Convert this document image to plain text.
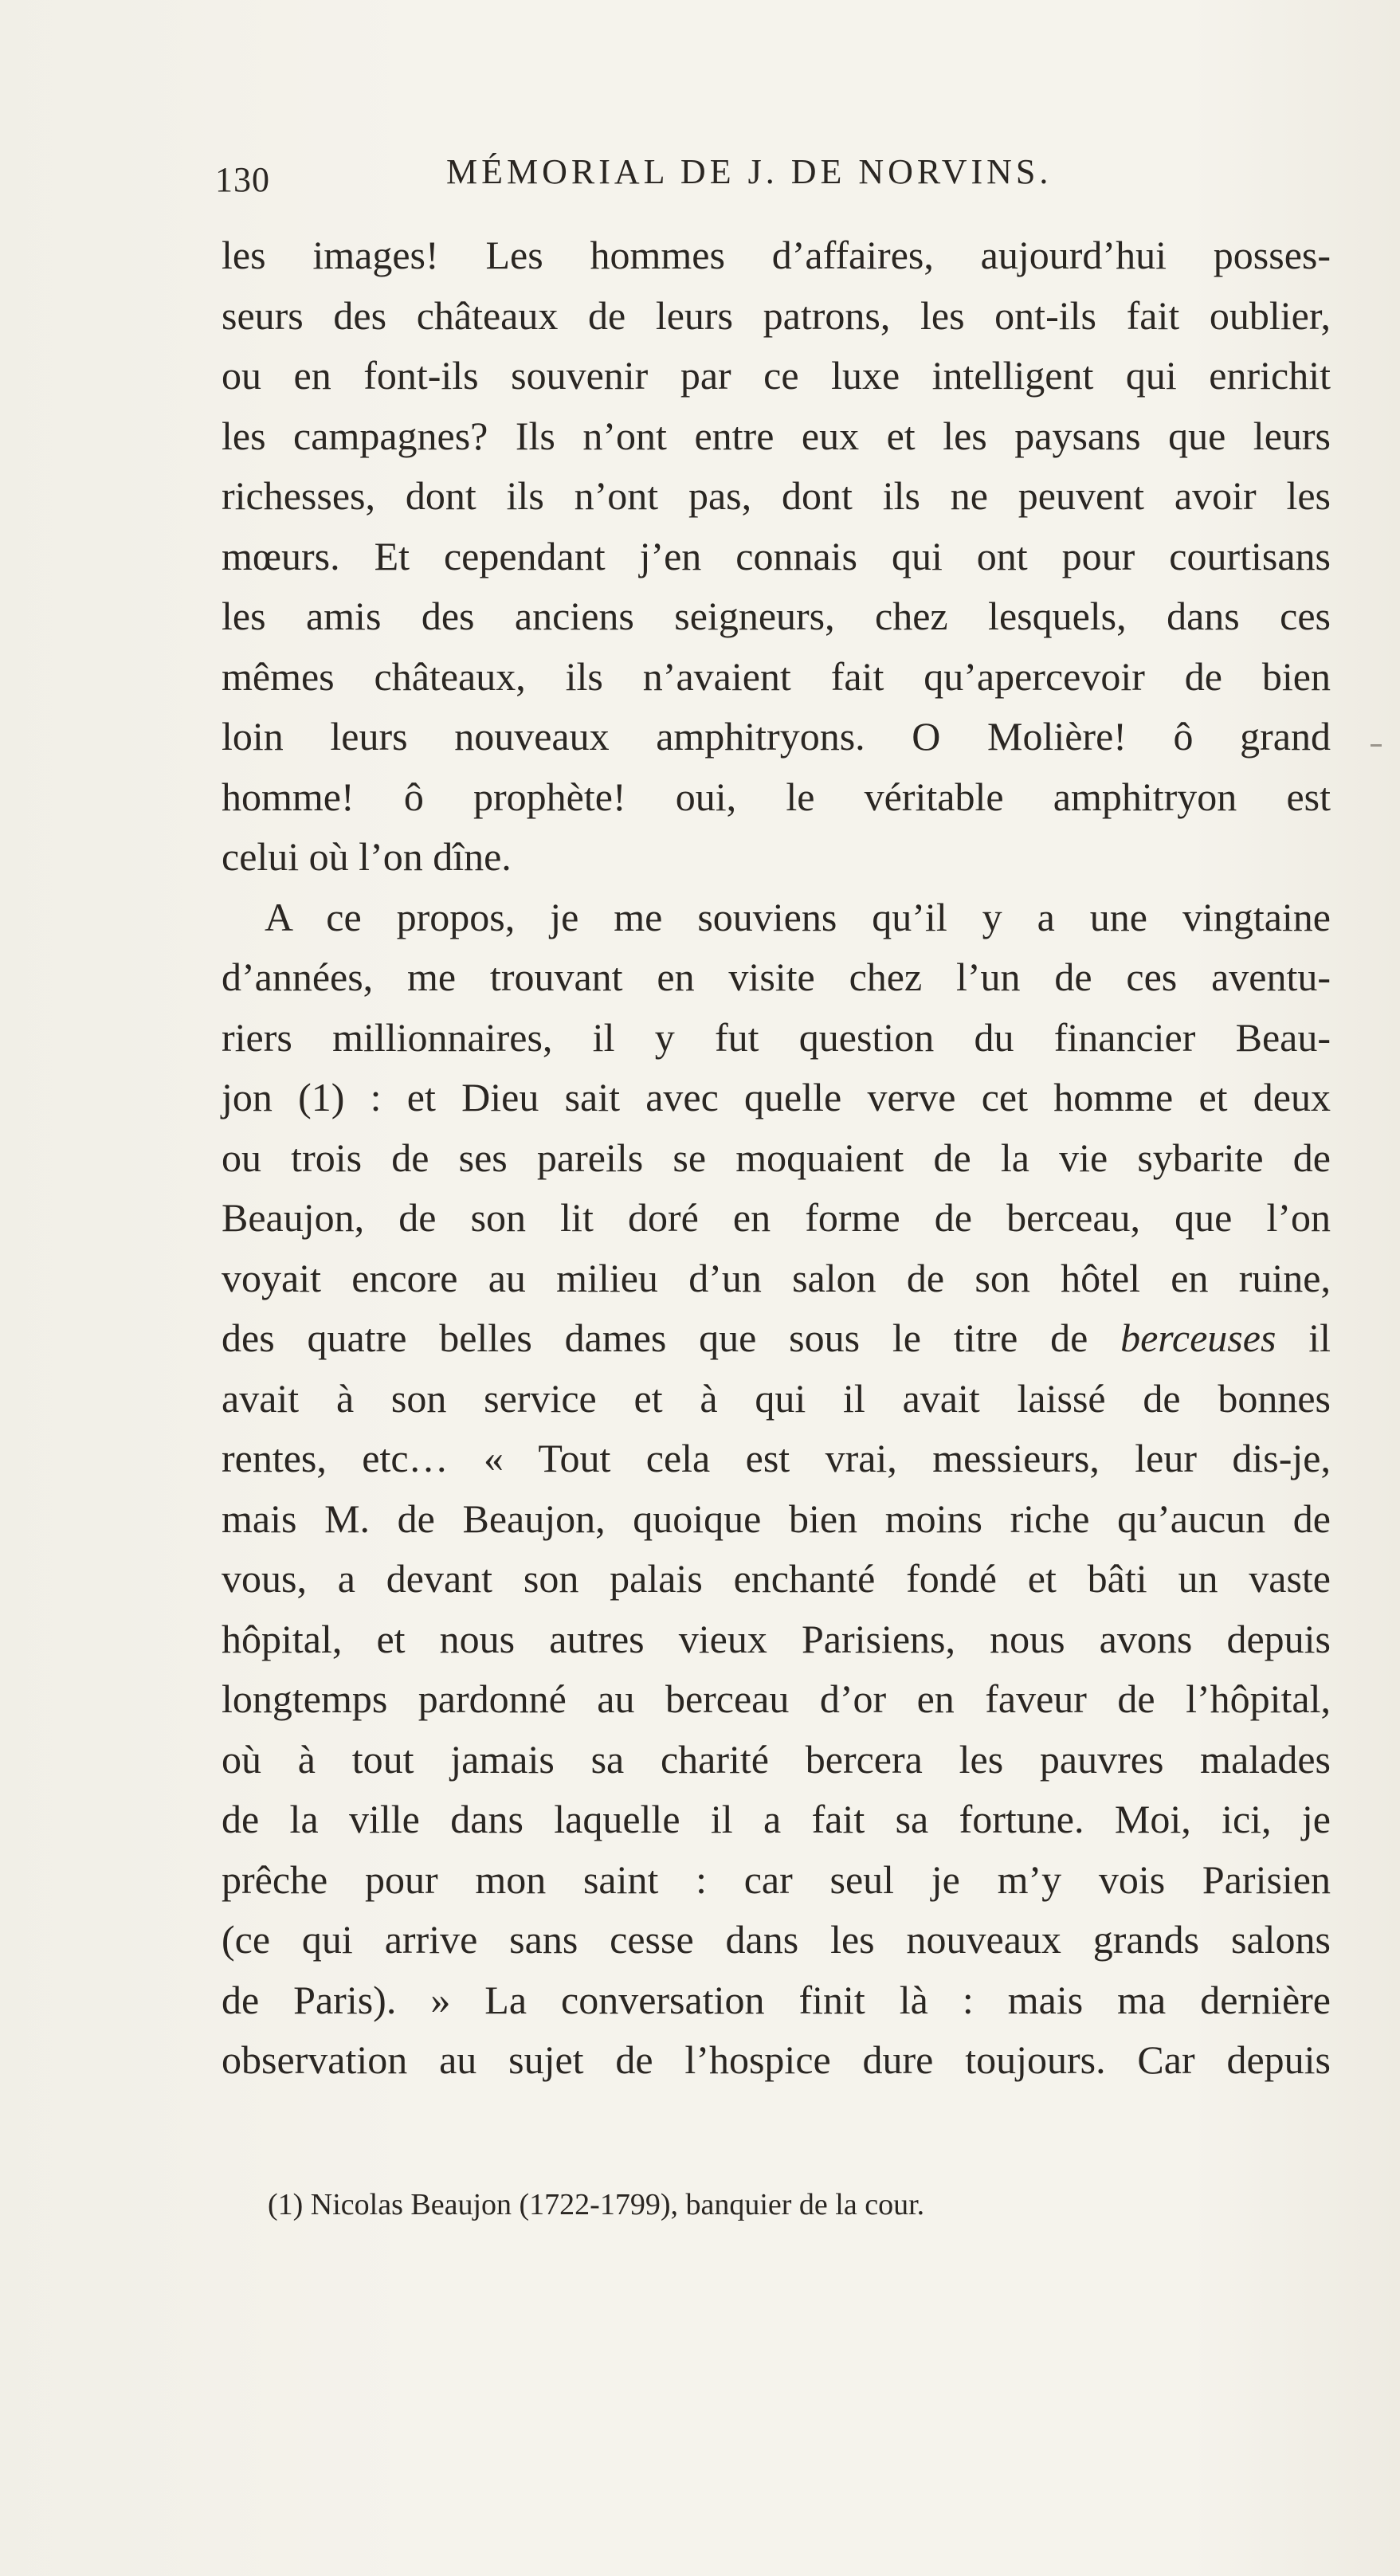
130	MÉMORIAL DE J. DE NORVINS.
les images! Les hommes d’affaires, aujourd’hui posses-
seurs des châteaux de leurs patrons, les ont-ils fait oublier,
ou en font-ils souvenir par ce luxe intelligent qui enrichit
les campagnes? Ils n’ont entre eux et les paysans que leurs
richesses, dont ils n’ont pas, dont ils ne peuvent avoir les
mœurs. Et cependant j’en connais qui ont pour courtisans
les amis des anciens seigneurs, chez lesquels, dans ces
mêmes châteaux, ils n’avaient fait qu’apercevoir de bien
loin leurs nouveaux amphitryons. O Molière! ô grand
homme! ô prophète! oui, le véritable amphitryon est
celui où l’on dîne.
A ce propos, je me souviens qu’il y a une vingtaine
d’années, me trouvant en visite chez l’un de ces aventu-
riers millionnaires, il y fut question du financier Beau-
jon (1) : et Dieu sait avec quelle verve cet homme et deux
ou trois de ses pareils se moquaient de la vie sybarite de
Beaujon, de son lit doré en forme de berceau, que l’on
voyait encore au milieu d’un salon de son hôtel en ruine,
des quatre belles dames que sous le titre de berceuses il
avait à son service et à qui il avait laissé de bonnes
rentes, etc… « Tout cela est vrai, messieurs, leur dis-je,
mais M. de Beaujon, quoique bien moins riche qu’aucun de
vous, a devant son palais enchanté fondé et bâti un vaste
hôpital, et nous autres vieux Parisiens, nous avons depuis
longtemps pardonné au berceau d’or en faveur de l’hôpital,
où à tout jamais sa charité bercera les pauvres malades
de la ville dans laquelle il a fait sa fortune. Moi, ici, je
prêche pour mon saint : car seul je m’y vois Parisien
(ce qui arrive sans cesse dans les nouveaux grands salons
de Paris). » La conversation finit là : mais ma dernière
observation au sujet de l’hospice dure toujours. Car depuis
(1) Nicolas Beaujon (1722-1799), banquier de la cour.
